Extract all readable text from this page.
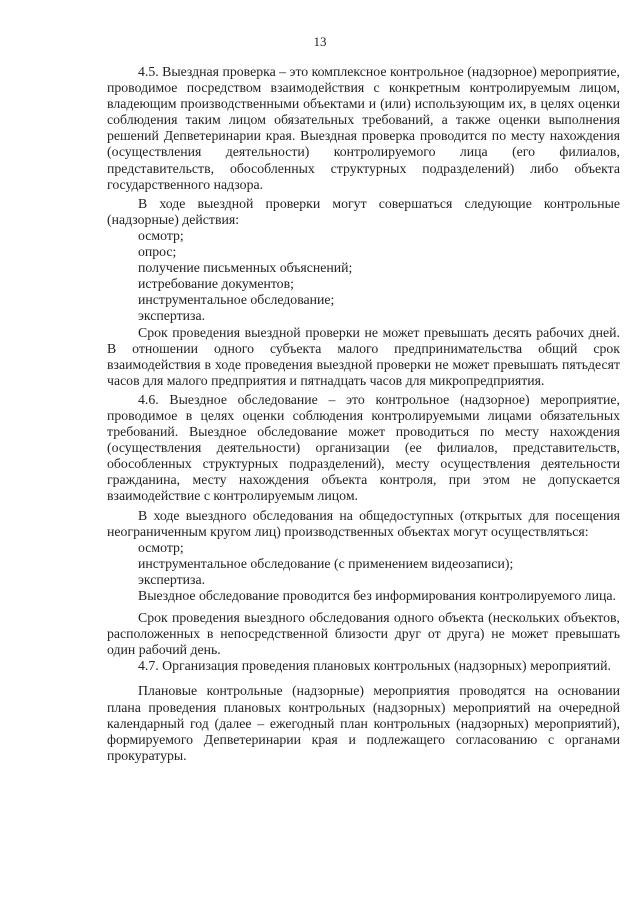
13

4.5. Выездная проверка – это комплексное контрольное (надзорное) мероприятие, проводимое посредством взаимодействия с конкретным контролируемым лицом, владеющим производственными объектами и (или) использующим их, в целях оценки соблюдения таким лицом обязательных требований, а также оценки выполнения решений Депветеринарии края. Выездная проверка проводится по месту нахождения (осуществления деятельности) контролируемого лица (его филиалов, представительств, обособленных структурных подразделений) либо объекта государственного надзора.

В ходе выездной проверки могут совершаться следующие контрольные (надзорные) действия:

осмотр;

опрос;

получение письменных объяснений;

истребование документов;

инструментальное обследование;

экспертиза.

Срок проведения выездной проверки не может превышать десять рабочих дней. В отношении одного субъекта малого предпринимательства общий срок взаимодействия в ходе проведения выездной проверки не может превышать пятьдесят часов для малого предприятия и пятнадцать часов для микропредприятия.

4.6. Выездное обследование – это контрольное (надзорное) мероприятие, проводимое в целях оценки соблюдения контролируемыми лицами обязательных требований. Выездное обследование может проводиться по месту нахождения (осуществления деятельности) организации (ее филиалов, представительств, обособленных структурных подразделений), месту осуществления деятельности гражданина, месту нахождения объекта контроля, при этом не допускается взаимодействие с контролируемым лицом.

В ходе выездного обследования на общедоступных (открытых для посещения неограниченным кругом лиц) производственных объектах могут осуществляться:

осмотр;

инструментальное обследование (с применением видеозаписи);

экспертиза.

Выездное обследование проводится без информирования контролируемого лица.

Срок проведения выездного обследования одного объекта (нескольких объектов, расположенных в непосредственной близости друг от друга) не может превышать один рабочий день.

4.7. Организация проведения плановых контрольных (надзорных) мероприятий.

Плановые контрольные (надзорные) мероприятия проводятся на основании плана проведения плановых контрольных (надзорных) мероприятий на очередной календарный год (далее – ежегодный план контрольных (надзорных) мероприятий), формируемого Депветеринарии края и подлежащего согласованию с органами прокуратуры.
